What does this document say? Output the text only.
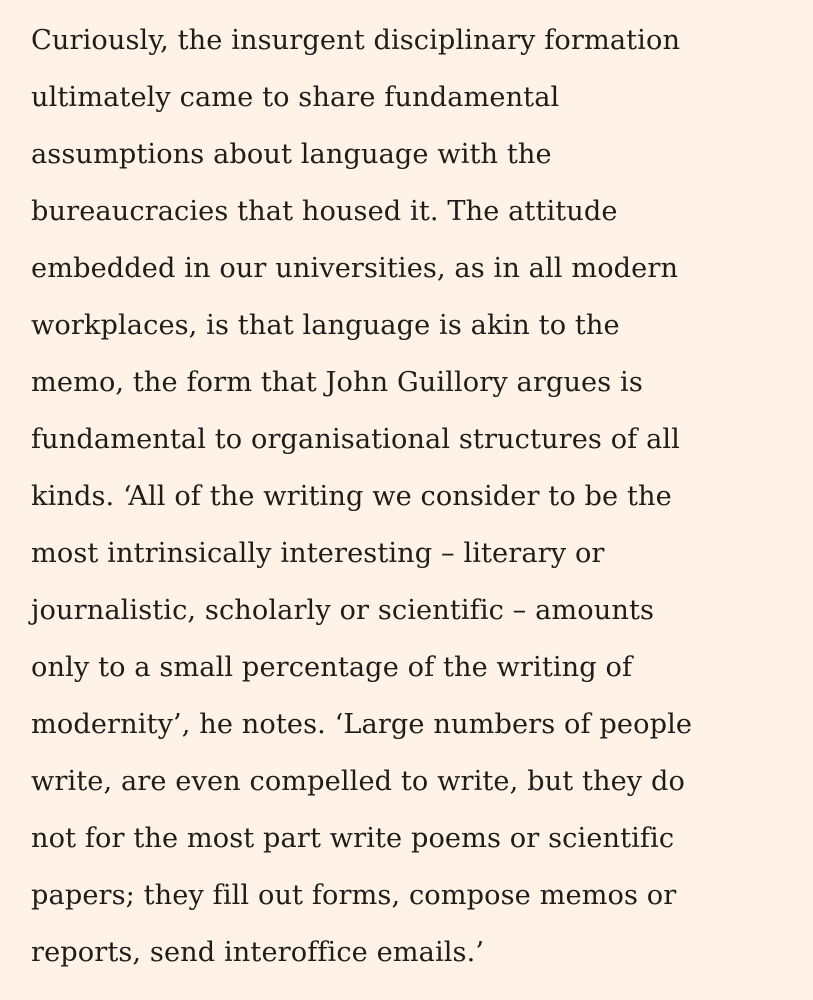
Curiously, the insurgent disciplinary formation
ultimately came to share fundamental
assumptions about language with the
bureaucracies that housed it. The attitude
embedded in our universities, as in all modern
workplaces, is that language is akin to the
memo, the form that John Guillory argues is
fundamental to organisational structures of all
kinds. ‘All of the writing we consider to be the
most intrinsically interesting – literary or
journalistic, scholarly or scientific – amounts
only to a small percentage of the writing of
modernity’, he notes. ‘Large numbers of people
write, are even compelled to write, but they do
not for the most part write poems or scientific
papers; they fill out forms, compose memos or
reports, send interoffice emails.’
